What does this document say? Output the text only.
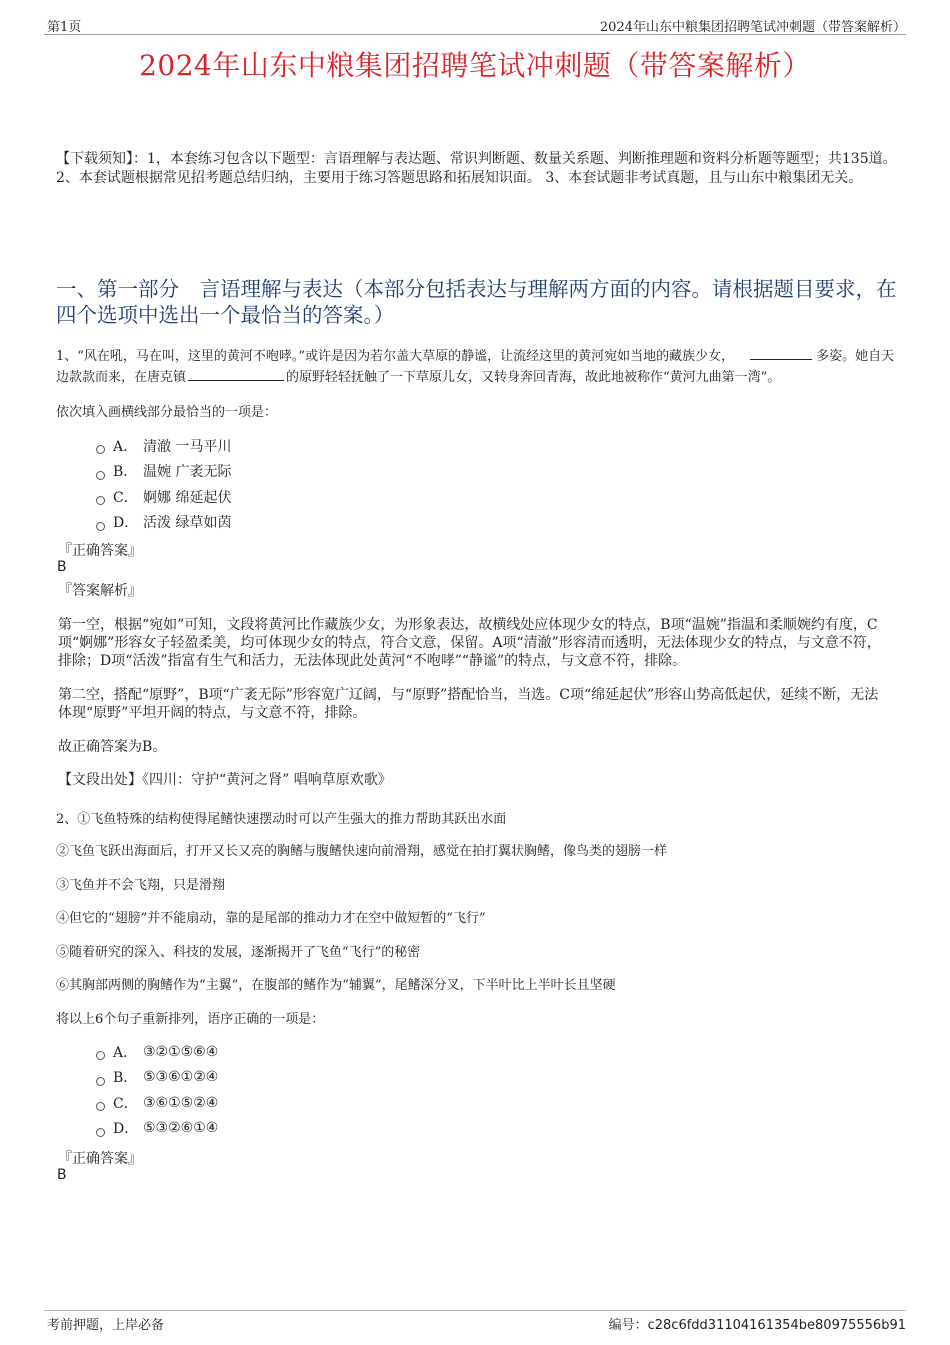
第1页	2024年山东中粮集团招聘笔试冲刺题（带答案解析）
2024年山东中粮集团招聘笔试冲刺题（带答案解析）
【下载须知】：1，本套练习包含以下题型：言语理解与表达题、常识判断题、数量关系题、判断推理题和资料分析题等题型；共135道。 2、本套试题根据常见招考题总结归纳，主要用于练习答题思路和拓展知识面。 3、本套试题非考试真题，且与山东中粮集团无关。
一、第一部分　言语理解与表达（本部分包括表达与理解两方面的内容。请根据题目要求，在四个选项中选出一个最恰当的答案。）
1、“风在吼，马在叫，这里的黄河不咆哮。”或许是因为若尔盖大草原的静谧，让流经这里的黄河宛如当地的藏族少女，	多姿。她自天边款款而来，在唐克镇	的原野轻轻抚触了一下草原儿女，又转身奔回青海，故此地被称作“黄河九曲第一湾”。
依次填入画横线部分最恰当的一项是：
A． 清澈 一马平川
B． 温婉 广袤无际
C． 婀娜 绵延起伏
D． 活泼 绿草如茵
『正确答案』
B
『答案解析』
第一空，根据“宛如”可知，文段将黄河比作藏族少女，为形象表达，故横线处应体现少女的特点，B项“温婉”指温和柔顺婉约有度，C项“婀娜”形容女子轻盈柔美，均可体现少女的特点，符合文意，保留。A项“清澈”形容清而透明，无法体现少女的特点，与文意不符，排除；D项“活泼”指富有生气和活力，无法体现此处黄河“不咆哮”“静谧”的特点，与文意不符，排除。
第二空，搭配“原野”，B项“广袤无际”形容宽广辽阔，与“原野”搭配恰当，当选。C项“绵延起伏”形容山势高低起伏，延续不断，无法体现“原野”平坦开阔的特点，与文意不符，排除。
故正确答案为B。
【文段出处】《四川：守护“黄河之肾” 唱响草原欢歌》
2、①飞鱼特殊的结构使得尾鳍快速摆动时可以产生强大的推力帮助其跃出水面
②飞鱼飞跃出海面后，打开又长又亮的胸鳍与腹鳍快速向前滑翔，感觉在拍打翼状胸鳍，像鸟类的翅膀一样
③飞鱼并不会飞翔，只是滑翔
④但它的“翅膀”并不能扇动，靠的是尾部的推动力才在空中做短暂的“飞行”
⑤随着研究的深入、科技的发展，逐渐揭开了飞鱼“飞行”的秘密
⑥其胸部两侧的胸鳍作为“主翼”，在腹部的鳍作为“辅翼”，尾鳍深分叉，下半叶比上半叶长且坚硬
将以上6个句子重新排列，语序正确的一项是：
A． ③②①⑤⑥④
B． ⑤③⑥①②④
C． ③⑥①⑤②④
D． ⑤③②⑥①④
『正确答案』
B
考前押题，上岸必备	编号：c28c6fdd31104161354be80975556b91
